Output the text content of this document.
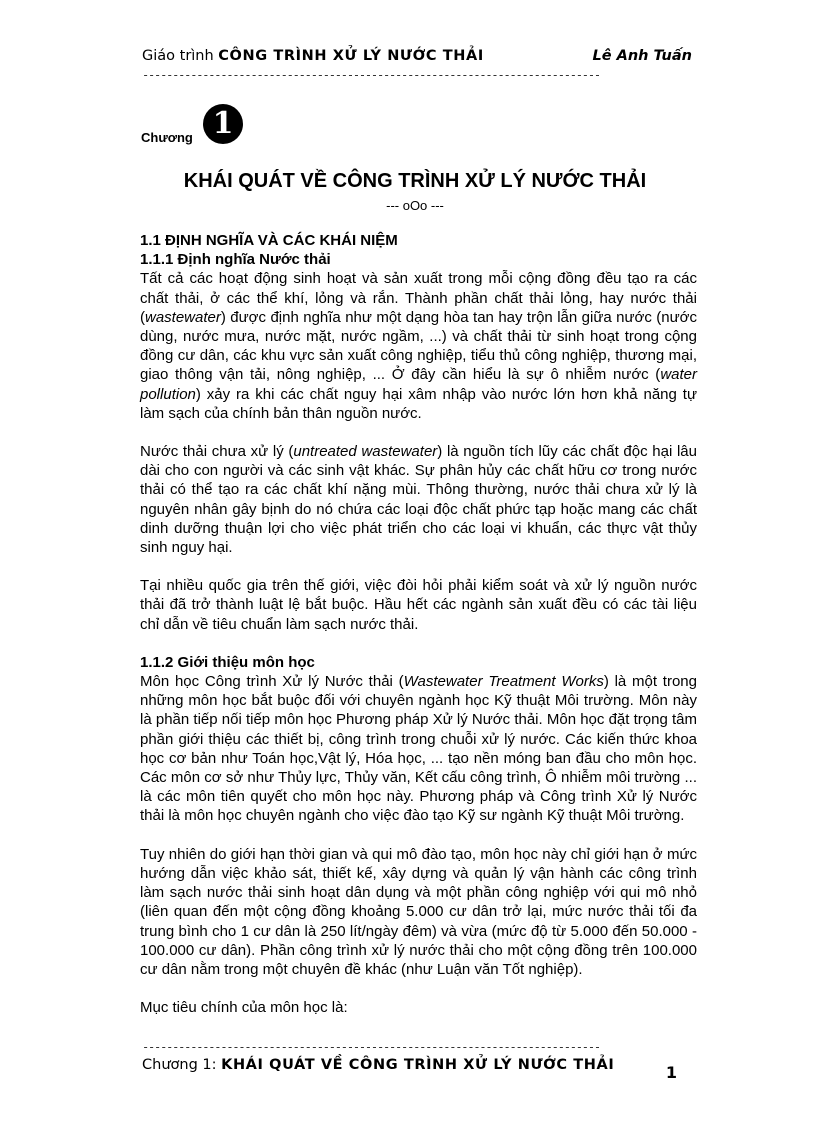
Giáo trình CÔNG TRÌNH XỬ LÝ NƯỚC THẢI	Lê Anh Tuấn
----------------------------------------------------------------------------
Chương 1
KHÁI QUÁT VỀ CÔNG TRÌNH XỬ LÝ NƯỚC THẢI
--- oOo ---
1.1 ĐỊNH NGHĨA VÀ CÁC KHÁI NIỆM
1.1.1 Định nghĩa Nước thải

Tất cả các hoạt động sinh hoạt và sản xuất trong mỗi cộng đồng đều tạo ra các chất thải, ở các thể khí, lỏng và rắn. Thành phần chất thải lỏng, hay nước thải (wastewater) được định nghĩa như một dạng hòa tan hay trộn lẫn giữa nước (nước dùng, nước mưa, nước mặt, nước ngầm, ...) và chất thải từ sinh hoạt trong cộng đồng cư dân, các khu vực sản xuất công nghiệp, tiểu thủ công nghiệp, thương mại, giao thông vận tải, nông nghiệp, ... Ở đây cần hiểu là sự ô nhiễm nước (water pollution) xảy ra khi các chất nguy hại xâm nhập vào nước lớn hơn khả năng tự làm sạch của chính bản thân nguồn nước.

Nước thải chưa xử lý (untreated wastewater) là nguồn tích lũy các chất độc hại lâu dài cho con người và các sinh vật khác. Sự phân hủy các chất hữu cơ trong nước thải có thể tạo ra các chất khí nặng mùi. Thông thường, nước thải chưa xử lý là nguyên nhân gây bịnh do nó chứa các loại độc chất phức tạp hoặc mang các chất dinh dưỡng thuận lợi cho việc phát triển cho các loại vi khuẩn, các thực vật thủy sinh nguy hại.

Tại nhiều quốc gia trên thế giới, việc đòi hỏi phải kiểm soát và xử lý nguồn nước thải đã trở thành luật lệ bắt buộc. Hầu hết các ngành sản xuất đều có các tài liệu chỉ dẫn về tiêu chuẩn làm sạch nước thải.

1.1.2 Giới thiệu môn học

Môn học Công trình Xử lý Nước thải (Wastewater Treatment Works) là một trong những môn học bắt buộc đối với chuyên ngành học Kỹ thuật Môi trường. Môn này là phần tiếp nối tiếp môn học Phương pháp Xử lý Nước thải. Môn học đặt trọng tâm phần giới thiệu các thiết bị, công trình trong chuỗi xử lý nước. Các kiến thức khoa học cơ bản như Toán học,Vật lý, Hóa học, ... tạo nền móng ban đầu cho môn học. Các môn cơ sở như Thủy lực, Thủy văn, Kết cấu công trình, Ô nhiễm môi trường ... là các môn tiên quyết cho môn học này. Phương pháp và Công trình Xử lý Nước thải là môn học chuyên ngành cho việc đào tạo Kỹ sư ngành Kỹ thuật Môi trường.

Tuy nhiên do giới hạn thời gian và qui mô đào tạo, môn học này chỉ giới hạn ở mức hướng dẫn việc khảo sát, thiết kế, xây dựng và quản lý vận hành các công trình làm sạch nước thải sinh hoạt dân dụng và một phần công nghiệp với qui mô nhỏ (liên quan đến một cộng đồng khoảng 5.000 cư dân trở lại, mức nước thải tối đa trung bình cho 1 cư dân là 250 lít/ngày đêm) và vừa (mức độ từ 5.000 đến 50.000 - 100.000 cư dân). Phần công trình xử lý nước thải cho một cộng đồng trên 100.000 cư dân nằm trong một chuyên đề khác (như Luận văn Tốt nghiệp).

Mục tiêu chính của môn học là:

----------------------------------------------------------------------------
Chương 1: KHÁI QUÁT VỀ CÔNG TRÌNH XỬ LÝ NƯỚC THẢI	1
